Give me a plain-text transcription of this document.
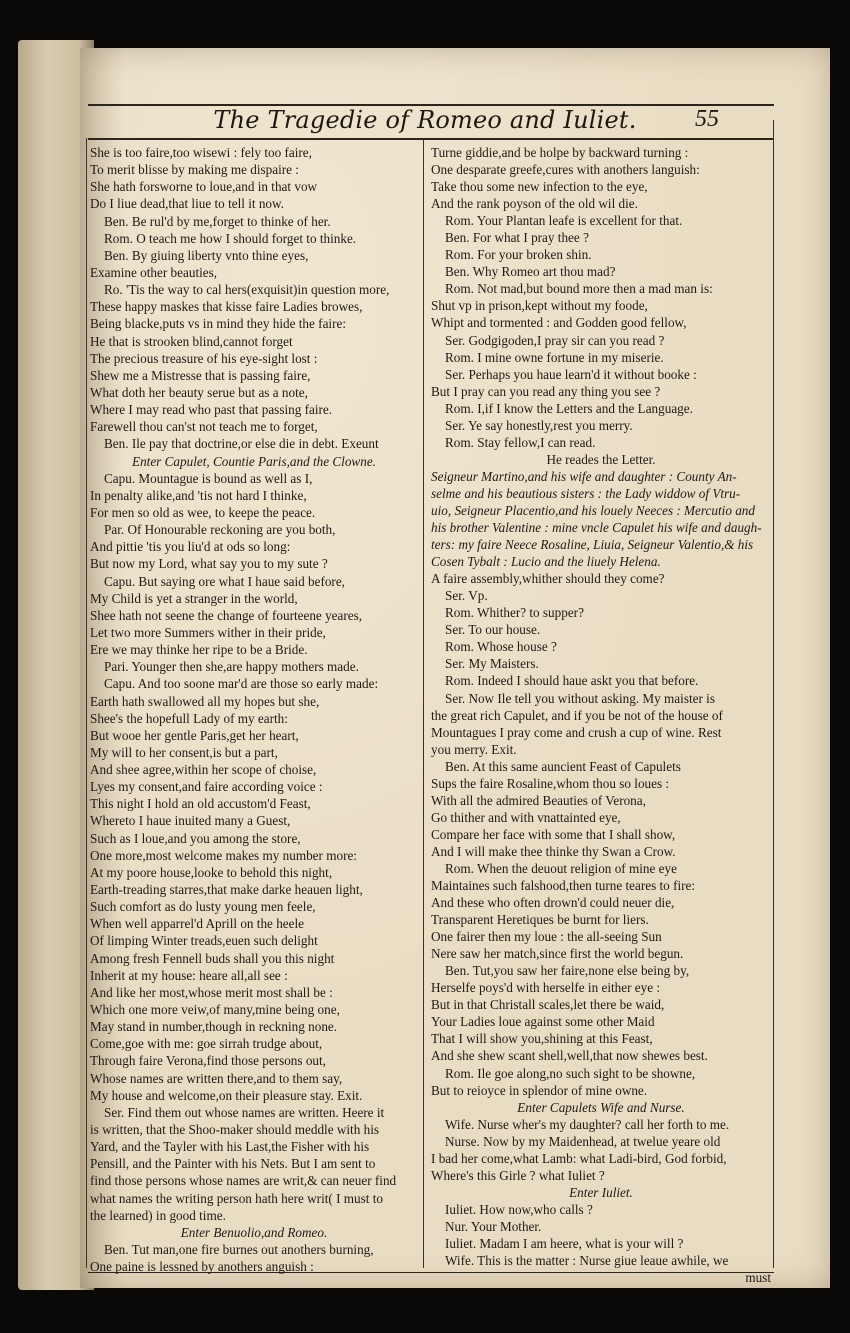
The Tragedie of Romeo and Iuliet.	55
She is too faire,too wisewi : fely too faire,
To merit blisse by making me dispaire :
She hath forsworne to loue,and in that vow
Do I liue dead,that liue to tell it now.
Ben. Be rul'd by me,forget to thinke of her.
Rom. O teach me how I should forget to thinke.
Ben. By giuing liberty vnto thine eyes,
Examine other beauties,
Ro. 'Tis the way to cal hers(exquisit)in question more,
These happy maskes that kisse faire Ladies browes,
Being blacke,puts vs in mind they hide the faire:
He that is strooken blind,cannot forget
The precious treasure of his eye-sight lost :
Shew me a Mistresse that is passing faire,
What doth her beauty serue but as a note,
Where I may read who past that passing faire.
Farewell thou can'st not teach me to forget,
Ben. Ile pay that doctrine,or else die in debt. Exeunt
Enter Capulet, Countie Paris,and the Clowne.
Capu. Mountague is bound as well as I,
In penalty alike,and 'tis not hard I thinke,
For men so old as wee, to keepe the peace.
Par. Of Honourable reckoning are you both,
And pittie 'tis you liu'd at ods so long:
But now my Lord, what say you to my sute ?
Capu. But saying ore what I haue said before,
My Child is yet a stranger in the world,
Shee hath not seene the change of fourteene yeares,
Let two more Summers wither in their pride,
Ere we may thinke her ripe to be a Bride.
Pari. Younger then she,are happy mothers made.
Capu. And too soone mar'd are those so early made:
Earth hath swallowed all my hopes but she,
Shee's the hopefull Lady of my earth:
But wooe her gentle Paris,get her heart,
My will to her consent,is but a part,
And shee agree,within her scope of choise,
Lyes my consent,and faire according voice :
This night I hold an old accustom'd Feast,
Whereto I haue inuited many a Guest,
Such as I loue,and you among the store,
One more,most welcome makes my number more:
At my poore house,looke to behold this night,
Earth-treading starres,that make darke heauen light,
Such comfort as do lusty young men feele,
When well apparrel'd Aprill on the heele
Of limping Winter treads,euen such delight
Among fresh Fennell buds shall you this night
Inherit at my house: heare all,all see :
And like her most,whose merit most shall be :
Which one more veiw,of many,mine being one,
May stand in number,though in reckning none.
Come,goe with me: goe sirrah trudge about,
Through faire Verona,find those persons out,
Whose names are written there,and to them say,
My house and welcome,on their pleasure stay. Exit.
Ser. Find them out whose names are written. Heere it
is written, that the Shoo-maker should meddle with his
Yard, and the Tayler with his Last,the Fisher with his
Pensill, and the Painter with his Nets. But I am sent to
find those persons whose names are writ,& can neuer find
what names the writing person hath here writ( I must to
the learned) in good time.
Enter Benuolio,and Romeo.
Ben. Tut man,one fire burnes out anothers burning,
One paine is lessned by anothers anguish :
Turne giddie,and be holpe by backward turning :
One desparate greefe,cures with anothers languish:
Take thou some new infection to the eye,
And the rank poyson of the old wil die.
Rom. Your Plantan leafe is excellent for that.
Ben. For what I pray thee ?
Rom. For your broken shin.
Ben. Why Romeo art thou mad?
Rom. Not mad,but bound more then a mad man is:
Shut vp in prison,kept without my foode,
Whipt and tormented : and Godden good fellow,
Ser. Godgigoden,I pray sir can you read ?
Rom. I mine owne fortune in my miserie.
Ser. Perhaps you haue learn'd it without booke :
But I pray can you read any thing you see ?
Rom. I,if I know the Letters and the Language.
Ser. Ye say honestly,rest you merry.
Rom. Stay fellow,I can read.
He reades the Letter.
Seigneur Martino,and his wife and daughter : County An-
selme and his beautious sisters : the Lady widdow of Vtru-
uio, Seigneur Placentio,and his louely Neeces : Mercutio and
his brother Valentine : mine vncle Capulet his wife and daugh-
ters: my faire Neece Rosaline, Liuia, Seigneur Valentio,& his
Cosen Tybalt : Lucio and the liuely Helena.
A faire assembly,whither should they come?
Ser. Vp.
Rom. Whither? to supper?
Ser. To our house.
Rom. Whose house ?
Ser. My Maisters.
Rom. Indeed I should haue askt you that before.
Ser. Now Ile tell you without asking. My maister is
the great rich Capulet, and if you be not of the house of
Mountagues I pray come and crush a cup of wine. Rest
you merry. Exit.
Ben. At this same auncient Feast of Capulets
Sups the faire Rosaline,whom thou so loues :
With all the admired Beauties of Verona,
Go thither and with vnattainted eye,
Compare her face with some that I shall show,
And I will make thee thinke thy Swan a Crow.
Rom. When the deuout religion of mine eye
Maintaines such falshood,then turne teares to fire:
And these who often drown'd could neuer die,
Transparent Heretiques be burnt for liers.
One fairer then my loue : the all-seeing Sun
Nere saw her match,since first the world begun.
Ben. Tut,you saw her faire,none else being by,
Herselfe poys'd with herselfe in either eye :
But in that Christall scales,let there be waid,
Your Ladies loue against some other Maid
That I will show you,shining at this Feast,
And she shew scant shell,well,that now shewes best.
Rom. Ile goe along,no such sight to be showne,
But to reioyce in splendor of mine owne.
Enter Capulets Wife and Nurse.
Wife. Nurse wher's my daughter? call her forth to me.
Nurse. Now by my Maidenhead, at twelue yeare old
I bad her come,what Lamb: what Ladi-bird, God forbid,
Where's this Girle ? what Iuliet ?
Enter Iuliet.
Iuliet. How now,who calls ?
Nur. Your Mother.
Iuliet. Madam I am heere, what is your will ?
Wife. This is the matter : Nurse giue leaue awhile, we
must
